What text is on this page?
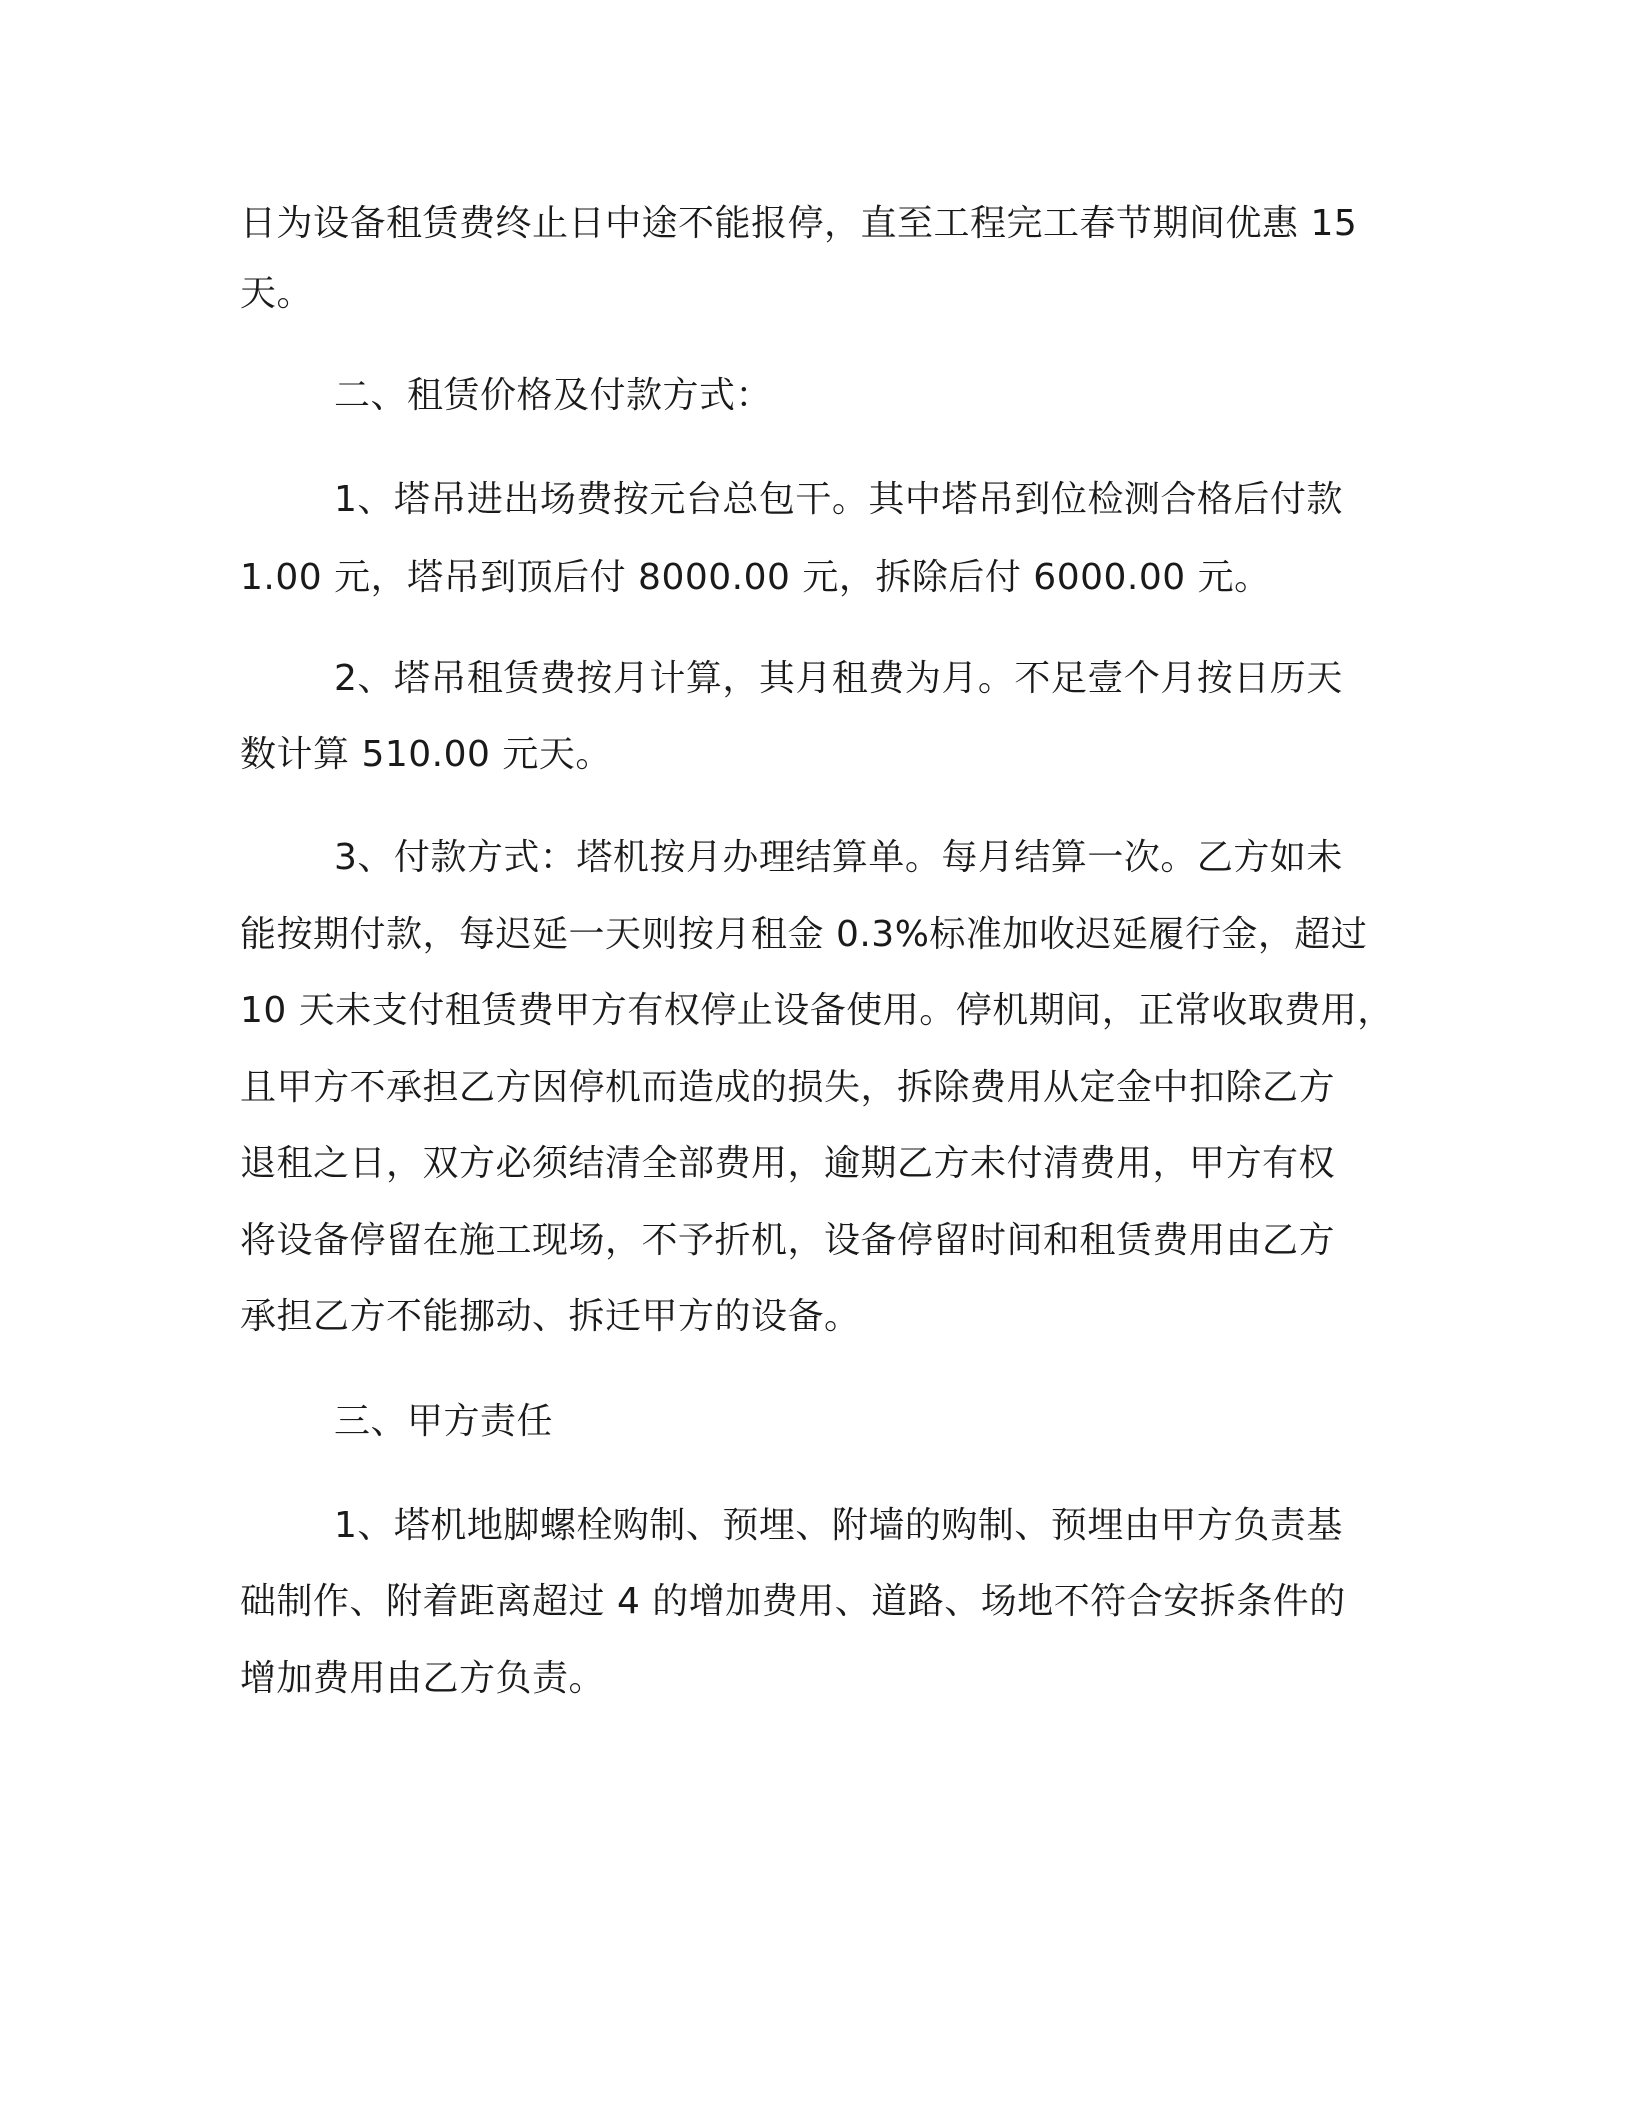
日为设备租赁费终止日中途不能报停，直至工程完工春节期间优惠 15
天。
二、租赁价格及付款方式：
1、塔吊进出场费按元台总包干。其中塔吊到位检测合格后付款
1.00 元，塔吊到顶后付 8000.00 元，拆除后付 6000.00 元。
2、塔吊租赁费按月计算，其月租费为月。不足壹个月按日历天
数计算 510.00 元天。
3、付款方式：塔机按月办理结算单。每月结算一次。乙方如未
能按期付款，每迟延一天则按月租金 0.3%标准加收迟延履行金，超过
10 天未支付租赁费甲方有权停止设备使用。停机期间，正常收取费用，
且甲方不承担乙方因停机而造成的损失，拆除费用从定金中扣除乙方
退租之日，双方必须结清全部费用，逾期乙方未付清费用，甲方有权
将设备停留在施工现场，不予折机，设备停留时间和租赁费用由乙方
承担乙方不能挪动、拆迁甲方的设备。
三、甲方责任
1、塔机地脚螺栓购制、预埋、附墙的购制、预埋由甲方负责基
础制作、附着距离超过 4 的增加费用、道路、场地不符合安拆条件的
增加费用由乙方负责。
